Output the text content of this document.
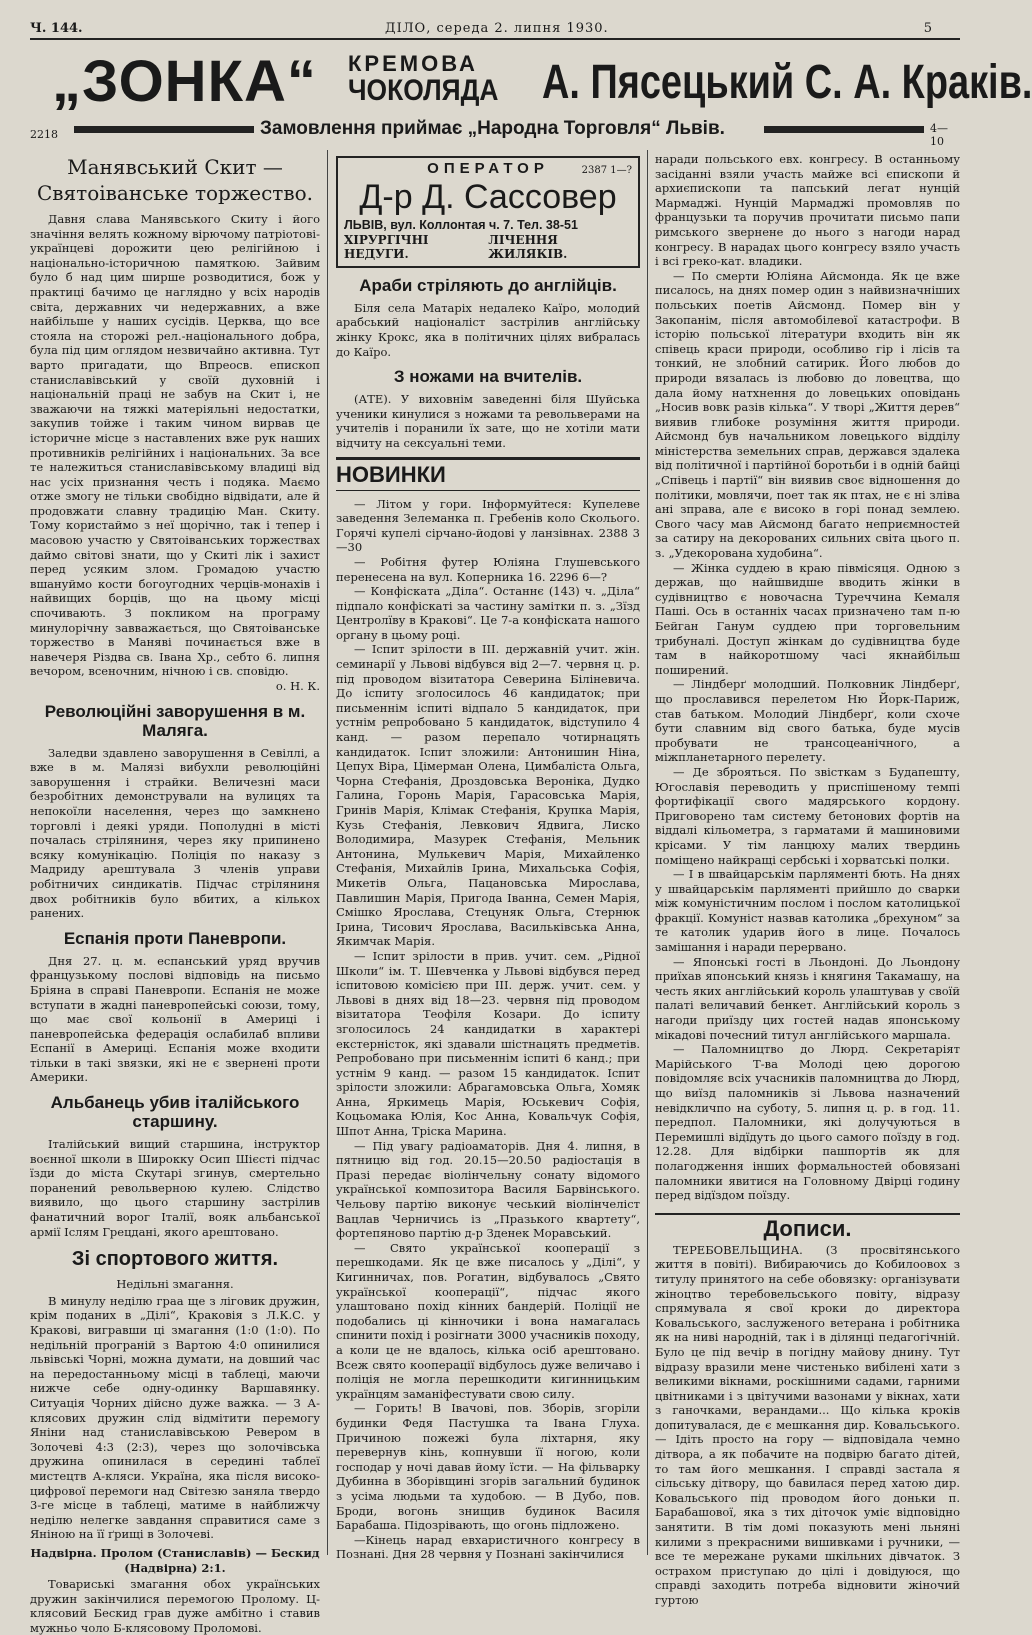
Ч. 144.	ДІЛО, середа 2. липня 1930.	5
„ЗОНКА“ КРЕМОВА
ЧОКОЛЯДА А. Пясецький С. А. Краків.
2218	Замовлення приймає „Народна Торговля“ Львів.	4—10
Манявський Скит —
Святоіванське торжество.

Давня слава Манявського Скиту і його значіння велять кожному вірючому патріотові-українцеві дорожити цею релігійною і національно-історичною памяткою. Зайвим було б над цим ширше розводитися, бож у практиці бачимо це наглядно у всіх народів світа, державних чи недержавних, а вже найбільше у наших сусідів. Церква, що все стояла на сторожі рел.-національного добра, була під цим оглядом незвичайно активна. Тут варто пригадати, що Впреосв. епископ станиславівський у своїй духовній і національній праці не забув на Скит і, не зважаючи на тяжкі матеріяльні недостатки, закупив тойже і таким чином вирвав це історичне місце з наставлених вже рук наших противників релігійних і національних. За все те належиться станиславівському владиці від нас усіх признання честь і подяка. Маємо отже змогу не тільки свобідно відвідати, але й продовжати славну традицію Ман. Скиту. Тому користаймо з неї щорічно, так і тепер і масовою участю у Святоіванських торжествах даймо світові знати, що у Скиті лік і захист перед усяким злом. Громадою участю вшануймо кости богоугодних черців-монахів і найвищих борців, що на цьому місці спочивають. З покликом на програму минулорічну завважається, що Святоіванське торжество в Маняві починається вже в навечеря Різдва св. Івана Хр., себто 6. липня вечором, всеночним, нічною і св. сповідю.

о. Н. К.

Революційні заворушення в м. Маляга.

Заледви здавлено заворушення в Севіллі, а вже в м. Малязі вибухли революційні заворушення і страйки. Величезні маси безробітних демонстрували на вулицях та непокоїли населення, через що замкнено торговлі і деякі уряди. Пополудні в місті почалась стріляниня, через яку припинено всяку комунікацію. Поліція по наказу з Мадриду арештувала 3 членів управи робітничих синдикатів. Підчас стріляниня двох робітників було вбитих, а кількох ранених.

Еспанія проти Паневропи.

Дня 27. ц. м. еспанський уряд вручив французькому послові відповідь на письмо Бріяна в справі Паневропи. Еспанія не може вступати в жадні паневропейські союзи, тому, що має свої кольонії в Америці і паневропейська федерація ослабилаб впливи Еспанії в Америці. Еспанія може входити тільки в такі звязки, які не є звернені проти Америки.

Альбанець убив італійського старшину.

Італійський вищий старшина, інструктор воєнної школи в Широкку Осип Шієсті підчас їзди до міста Скутарі згинув, смертельно поранений револьверною кулею. Слідство виявило, що цього старшину застрілив фанатичний ворог Італії, вояк альбанської армії Іслям Грецдані, якого арештовано.

Зі спортового життя.
Недільні змагання.

В минулу неділю граа ще з ліговик дружин, крім поданих в „Ділі“, Краковія з Л.К.С. у Кракові, вигравши ці змагання (1:0 (1:0). По недільній програній з Вартою 4:0 опинилися львівські Чорні, можна думати, на довший час на передостанньому місці в таблеці, маючи нижче себе одну-одинку Варшавянку. Ситуація Чорних дійсно дуже важка. — З А-клясових дружин слід відмітити перемогу Яніни над станиславівською Ревером в Золочеві 4:3 (2:3), через що золочівська дружина опинилася в середині таблеї мистецтв А-кляси. Україна, яка після високо-цифрової перемоги над Світезю заняла твердо 3-ге місце в таблеці, матиме в найближчу неділю нелегке завдання справитися саме з Яніною на її ґрищі в Золочеві.

Надвірна. Пролом (Станиславів) — Бескид (Надвірна) 2:1.

Товариські змагання обох українських дружин закінчилися перемогою Пролому. Ц-клясовий Бескид грав дуже амбітно і ставив мужньо чоло Б-клясовому Проломові.

ОПЕРАТОР	2387 1—?
Д-р Д. Сассовер
ЛЬВІВ, вул. Коллонтая ч. 7. Тел. 38-51
ХІРУРГІЧНІ НЕДУГИ.
ЛІЧЕННЯ ЖИЛЯКІВ.
Араби стріляють до англійців.

Біля села Матаріх недалеко Каїро, молодий арабський націоналіст застрілив англійську жінку Крокс, яка в політичних цілях вибралась до Каїро.

З ножами на вчителів.

(АТЕ). У виховнім заведенні біля Шуйська ученики кинулися з ножами та револьверами на учителів і поранили їх зате, що не хотіли мати відчиту на сексуальні теми.

НОВИНКИ

— Літом у гори. Інформуйтеся: Купелеве заведення Зелеманка п. Гребенів коло Сколього. Горячі купелі сірчано-йодові у ланзівнах. 2388 3—30

— Робітня футер Юліяна Глушевського перенесена на вул. Коперника 16. 2296 6—?

— Конфіската „Діла“. Останнє (143) ч. „Діла“ підпало конфіскаті за частину замітки п. з. „Зїзд Центролїву в Кракові“. Це 7-а конфіската нашого органу в цьому році.

— Іспит зрілости в III. державній учит. жін. семинарії у Львові відбувся від 2—7. червня ц. р. під проводом візитатора Северина Біліневича. До іспиту зголосилось 46 кандидаток; при письменнім іспиті відпало 5 кандидаток, при устнім репробовано 5 кандидаток, відступило 4 канд. — разом перепало чотирнацять кандидаток. Іспит зложили: Антонишин Ніна, Цепух Віра, Цімерман Олена, Цимбаліста Ольга, Чорна Стефанія, Дроздовська Вероніка, Дудко Галина, Горонь Марія, Гарасовська Марія, Гринів Марія, Клімак Стефанія, Крупка Марія, Кузь Стефанія, Левкович Ядвига, Лиско Володимира, Мазурек Стефанія, Мельник Антонина, Мулькевич Марія, Михайленко Стефанія, Михайлів Ірина, Михальська Софія, Микетів Ольга, Пацановська Мирослава, Павлишин Марія, Пригода Іванна, Семен Марія, Смішко Ярослава, Стецуняк Ольга, Стернюк Ірина, Тисович Ярослава, Васильківська Анна, Якимчак Марія.

— Іспит зрілости в прив. учит. сем. „Рідної Школи“ ім. Т. Шевченка у Львові відбувся перед іспитовою комісією при III. держ. учит. сем. у Львові в днях від 18—23. червня під проводом візитатора Теофіля Козари. До іспиту зголосилось 24 кандидатки в характері екстерністок, які здавали шістнацять предметів. Репробовано при письменнім іспиті 6 канд.; при устнім 9 канд. — разом 15 кандидаток. Іспит зрілости зложили: Абрагамовська Ольга, Хомяк Анна, Яркимець Марія, Юськевич Софія, Коцьомака Юлія, Кос Анна, Ковальчук Софія, Шпот Анна, Тріска Марина.

— Під увагу радіоаматорів. Дня 4. липня, в пятницю від год. 20.15—20.50 радіостація в Празі передає віолінчельну сонату відомого української композитора Василя Барвінського. Чельову партію виконує чеський віолінчеліст Вацлав Черничись із „Празького квартету“, фортепяново партію д-р Зденек Моравський.

— Свято української кооперації з перешкодами. Як це вже писалось у „Ділі“, у Кигинничах, пов. Рогатин, відбувалось „Свято української кооперації“, підчас якого улаштовано похід кінних бандерій. Поліції не подобались ці кінночики і вона намагалась спинити похід і розігнати 3000 учасників походу, а коли це не вдалось, кілька осіб арештовано. Всеж свято кооперації відбулось дуже величаво і поліція не могла перешкодити кигинницьким українцям заманіфестувати свою силу.

— Горить! В Івачові, пов. Зборів, згоріли будинки Федя Пастушка та Івана Глуха. Причиною пожежі була ліхтарня, яку перевернув кінь, копнувши її ногою, коли господар у ночі давав йому їсти. — На фільварку Дубинна в Зборівщині згорів загальний будинок з усіма людьми та худобою. — В Дубо, пов. Броди, вогонь знищив будинок Василя Барабаша. Підозрівають, що огонь підложено.

—Кінець нарад евхаристичного конгресу в Познані. Дня 28 червня у Познані закінчилися

наради польського евх. конгресу. В останньому засіданні взяли участь майже всі єпископи й архиєпископи та папський легат нунцій Мармаджі. Нунцій Мармаджі промовляв по французьки та поручив прочитати письмо папи римського звернене до нього з нагоди нарад конгресу. В нарадах цього конгресу взяло участь і всі греко-кат. владики.

— По смерти Юліяна Айсмонда. Як це вже писалось, на днях помер один з найвизначніших польських поетів Айсмонд. Помер він у Закопанім, після автомобілевої катастрофи. В історію польської літератури входить він як співець краси природи, особливо гір і лісів та тонкий, не злобний сатирик. Його любов до природи вязалась із любовю до ловецтва, що дала йому натхнення до ловецьких оповідань „Носив вовк разів кілька“. У творі „Життя дерев“ виявив глибоке розуміння життя природи. Айсмонд був начальником ловецького відділу міністерства земельних справ, держався здалека від політичної і партійної боротьби і в одній байці „Співець і партії“ він виявив своє відношення до політики, мовлячи, поет так як птах, не є ні зліва ані зправа, але є високо в горі понад землею. Свого часу мав Айсмонд багато неприємностей за сатиру на декорованих сильних світа цього п. з. „Удекорована худобина“.

— Жінка суддею в краю півмісяця. Одною з держав, що найшвидше вводить жінки в судівництво є новочасна Туреччина Кемаля Паші. Ось в останніх часах призначено там п-ю Бейган Ганум суддею при торговельним трибуналі. Доступ жінкам до судівництва буде там в найкоротшому часі якнайбільш поширений.

— Ліндберґ молодший. Полковник Ліндберґ, що прославився перелетом Ню Йорк-Париж, став батьком. Молодий Ліндберґ, коли схоче бути славним від свого батька, буде мусів пробувати не трансоцеанічного, а міжпланетарного перелету.

— Де зброяться. По звісткам з Будапешту, Югославія переводить у приспішеному темпі фортифікації свого мадярського кордону. Приговорено там систему бетонових фортів на віддалі кільометра, з гарматами й машиновими крісами. У тім ланцюху малих твердинь поміщено найкращі сербські і хорватські полки.

— І в швайцарськім парляменті бють. На днях у швайцарськім парляменті прийшло до сварки між комуністичним послом і послом католицької фракції. Комуніст назвав католика „брехуном“ за те католик ударив його в лице. Почалось замішання і наради перервано.

— Японські гості в Льондоні. До Льондону приїхав японський князь і княгиня Такамашу, на честь яких англійський король улаштував у своїй палаті величавий бенкет. Англійський король з нагоди приїзду цих гостей надав японському мікадові почесний титул англійського маршала.

— Паломництво до Люрд. Секретаріят Марійського Т-ва Молоді цею дорогою повідомляє всіх учасників паломництва до Люрд, що виїзд паломників зі Львова назначений невідкличпо на суботу, 5. липня ц. р. в год. 11. передпол. Паломники, які долучуються в Перемишлі відїдуть до цього самого поїзду в год. 12.28. Для відбірки пашпортів як для полагодження інших формальностей обовязані паломники явитися на Головному Двірці годину перед відїздом поїзду.

Дописи.

ТЕРЕБОВЕЛЬЩИНА. (З просвітянського життя в повіті). Вибираючись до Кобилоовох з титулу принятого на себе обовязку: організувати жіноцтво теребовельського повіту, відразу спрямувала я свої кроки до директора Ковальського, заслуженого ветерана і робітника як на ниві народній, так і в ділянці педагогічній. Було це під вечір в погідну майову днину. Тут відразу вразили мене чистенько вибілені хати з великими вікнами, роскішними садами, гарними цвітниками і з цвітучими вазонами у вікнах, хати з ганочками, верандами... Що кілька кроків допитувалася, де є мешкання дир. Ковальського. — Ідіть просто на гору — відповідала чемно дітвора, а як побачите на подвірю багато дітей, то там його мешкання. І справді застала я сільську дітвору, що бавилася перед хатою дир. Ковальського під проводом його доньки п. Барабашової, яка з тих діточок уміє відповідно занятити. В тім домі показують мені льняні килими з прекрасними вишивками і ручники, — все те мережане руками шкільних дівчаток. З острахом приступаю до цілі і довідуюся, що справді заходить потреба відновити жіночий гуртою
